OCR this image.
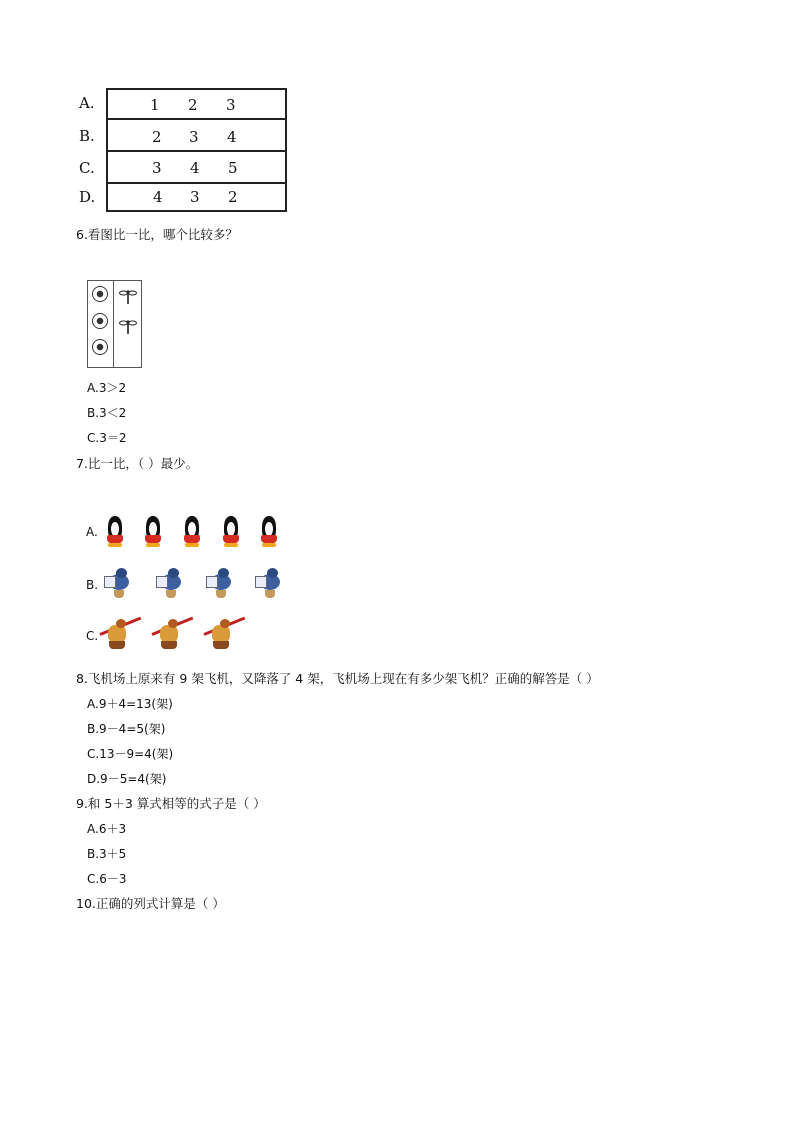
A.
B.
C.
D.
1 2 3
2 3 4
3 4 5
4 3 2
6.看图比一比，哪个比较多？
A.3＞2
B.3＜2
C.3＝2
7.比一比，（ ）最少。
A.
B.
C.
8.飞机场上原来有 9 架飞机，又降落了 4 架，飞机场上现在有多少架飞机？正确的解答是（ ）
A.9＋4=13(架)
B.9－4=5(架)
C.13－9=4(架)
D.9－5=4(架)
9.和 5＋3 算式相等的式子是（ ）
A.6＋3
B.3＋5
C.6－3
10.正确的列式计算是（ ）
